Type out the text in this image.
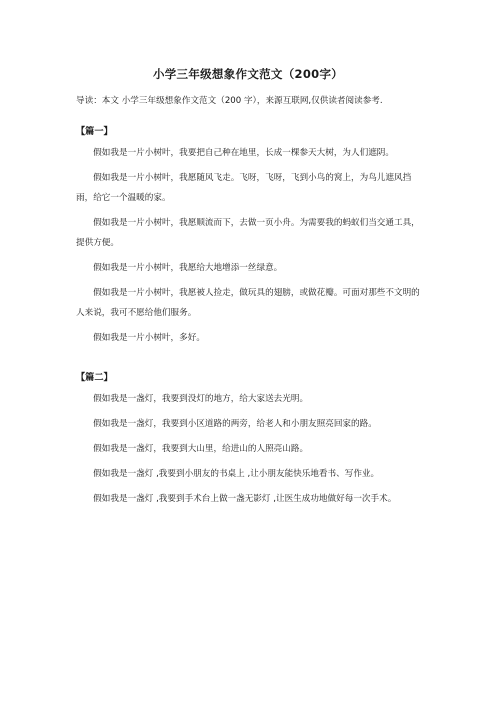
小学三年级想象作文范文（200字）

导读：本文 小学三年级想象作文范文（200 字），来源互联网,仅供读者阅读参考.

【篇一】

假如我是一片小树叶，我要把自己种在地里，长成一棵参天大树，为人们遮阴。

假如我是一片小树叶，我愿随风飞走。飞呀，飞呀，飞到小鸟的窝上，为鸟儿遮风挡雨，给它一个温暖的家。

假如我是一片小树叶，我愿顺流而下，去做一页小舟。为需要我的蚂蚁们当交通工具，提供方便。

假如我是一片小树叶，我愿给大地增添一丝绿意。

假如我是一片小树叶，我愿被人捡走，做玩具的翅膀，或做花瓣。可面对那些不文明的人来说，我可不愿给他们服务。

假如我是一片小树叶，多好。

【篇二】

假如我是一盏灯，我要到没灯的地方，给大家送去光明。

假如我是一盏灯，我要到小区道路的两旁，给老人和小朋友照亮回家的路。

假如我是一盏灯，我要到大山里，给进山的人照亮山路。

假如我是一盏灯 ,我要到小朋友的书桌上 ,让小朋友能快乐地看书、写作业。

假如我是一盏灯 ,我要到手术台上做一盏无影灯 ,让医生成功地做好每一次手术。
